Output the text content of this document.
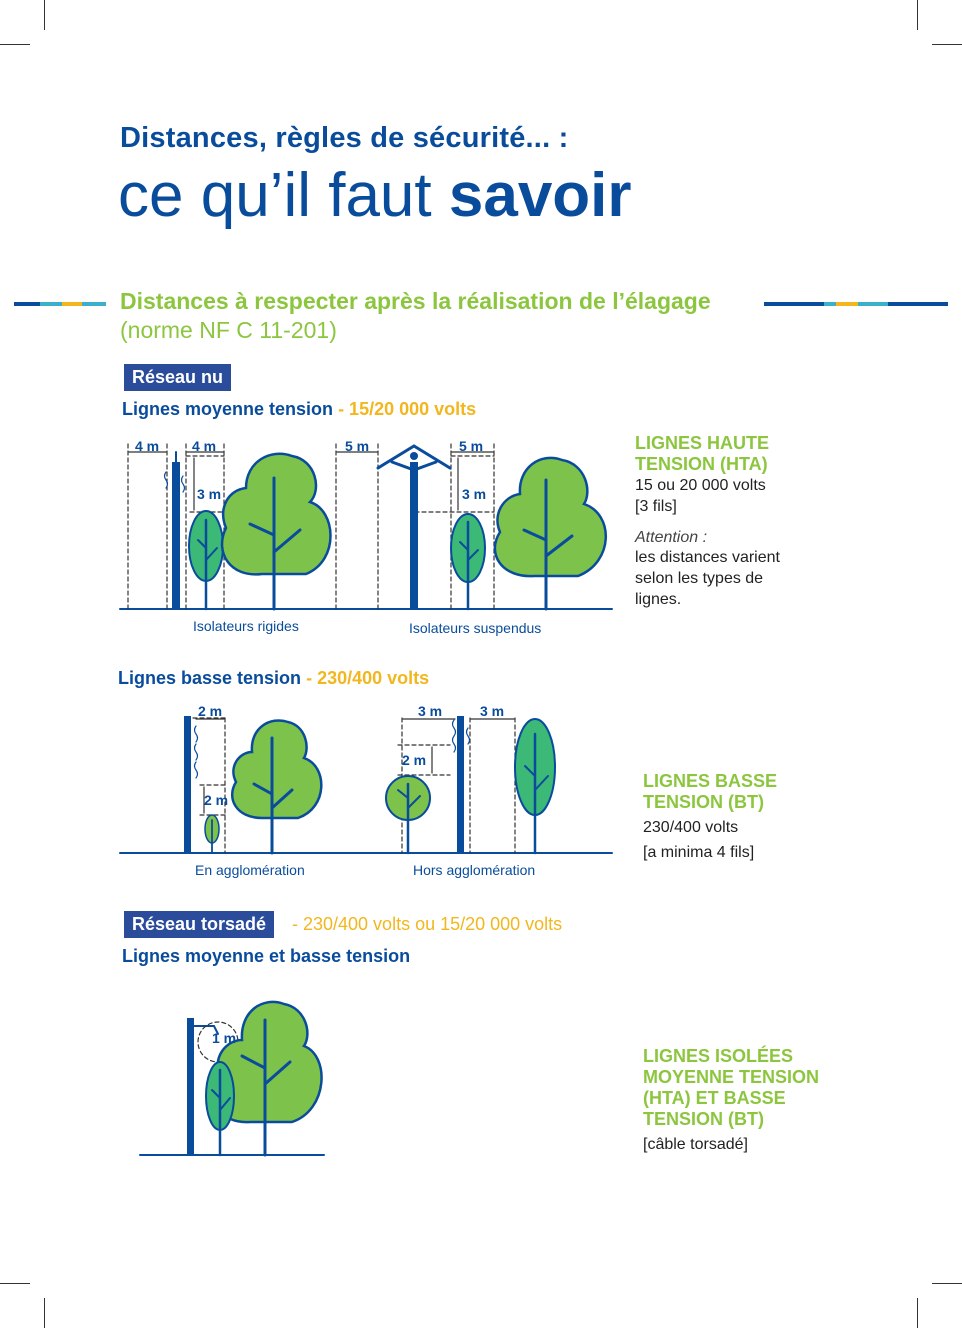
Distances, règles de sécurité... :
ce qu’il faut savoir
Distances à respecter après la réalisation de l’élagage
(norme NF C 11-201)
Réseau nu
Lignes moyenne tension - 15/20 000 volts
4 m 4 m
3 m
5 m	5 m
3 m
Isolateurs rigides	Isolateurs suspendus
Lignes basse tension - 230/400 volts
2 m
2 m
3 m	3 m
2 m
En agglomération	Hors agglomération
Réseau torsadé	- 230/400 volts ou 15/20 000 volts
Lignes moyenne et basse tension
1 m
LIGNES HAUTE
TENSION (HTA)
15 ou 20 000 volts
[3 fils]
Attention :
les distances varient
selon les types de
lignes.
LIGNES BASSE
TENSION (BT)
230/400 volts
[a minima 4 fils]
LIGNES ISOLÉES
MOYENNE TENSION
(HTA) ET BASSE
TENSION (BT)
[câble torsadé]
